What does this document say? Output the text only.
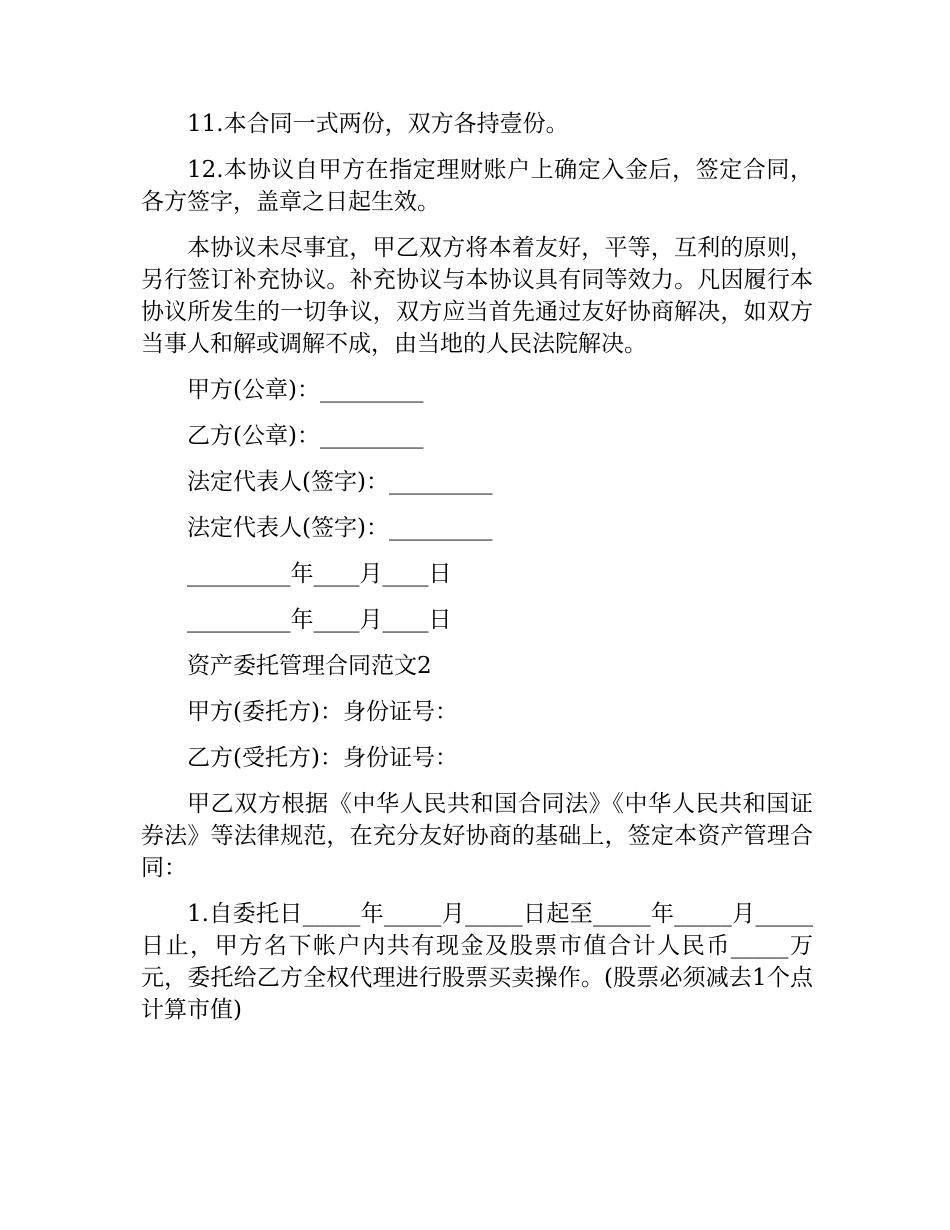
11.本合同一式两份，双方各持壹份。

12.本协议自甲方在指定理财账户上确定入金后，签定合同，各方签字，盖章之日起生效。

本协议未尽事宜，甲乙双方将本着友好，平等，互利的原则，另行签订补充协议。补充协议与本协议具有同等效力。凡因履行本协议所发生的一切争议，双方应当首先通过友好协商解决，如双方当事人和解或调解不成，由当地的人民法院解决。

甲方(公章)：_________

乙方(公章)：_________

法定代表人(签字)：_________

法定代表人(签字)：_________

_________年____月____日

_________年____月____日

资产委托管理合同范文2

甲方(委托方)：身份证号：

乙方(受托方)：身份证号：

甲乙双方根据《中华人民共和国合同法》《中华人民共和国证券法》等法律规范，在充分友好协商的基础上，签定本资产管理合同：

1.自委托日_____年_____月_____日起至_____年_____月_____日止，甲方名下帐户内共有现金及股票市值合计人民币_____万元，委托给乙方全权代理进行股票买卖操作。(股票必须减去1个点计算市值)
